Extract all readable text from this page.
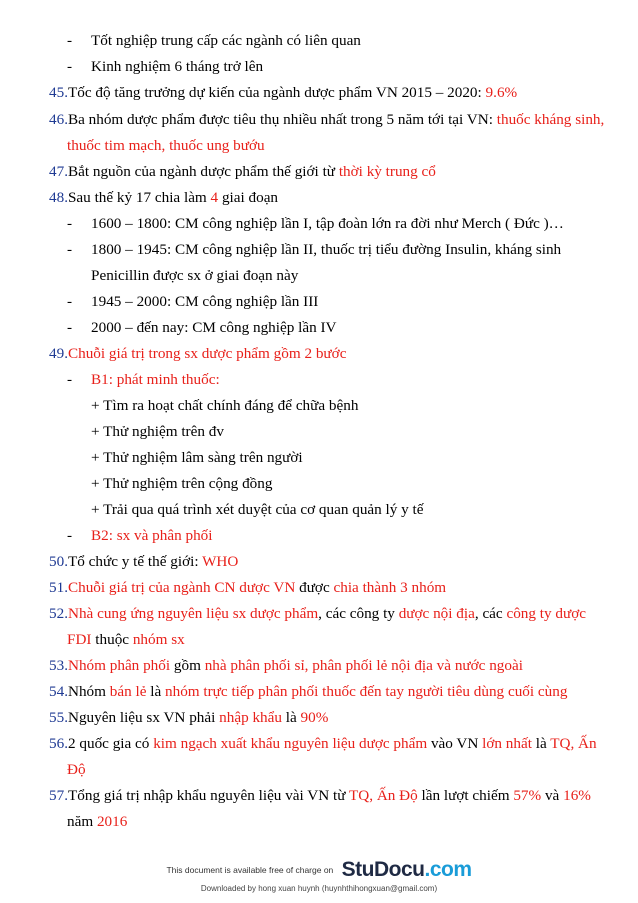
- Tốt nghiệp trung cấp các ngành có liên quan
- Kinh nghiệm 6 tháng trở lên
45.Tốc độ tăng trưởng dự kiến của ngành dược phẩm VN 2015 – 2020: 9.6%
46.Ba nhóm dược phẩm được tiêu thụ nhiều nhất trong 5 năm tới tại VN: thuốc kháng sinh,
thuốc tim mạch, thuốc ung bướu
47.Bắt nguồn của ngành dược phẩm thế giới từ thời kỳ trung cổ
48.Sau thế kỷ 17 chia làm 4 giai đoạn
- 1600 – 1800: CM công nghiệp lần I, tập đoàn lớn ra đời như Merch ( Đức )…
- 1800 – 1945: CM công nghiệp lần II, thuốc trị tiểu đường Insulin, kháng sinh
Penicillin được sx ở giai đoạn này
- 1945 – 2000: CM công nghiệp lần III
- 2000 – đến nay: CM công nghiệp lần IV
49.Chuỗi giá trị trong sx dược phẩm gồm 2 bước
- B1: phát minh thuốc:
+ Tìm ra hoạt chất chính đáng để chữa bệnh
+ Thử nghiệm trên đv
+ Thử nghiệm lâm sàng trên người
+ Thử nghiệm trên cộng đồng
+ Trải qua quá trình xét duyệt của cơ quan quản lý y tế
- B2: sx và phân phối
50.Tổ chức y tế thế giới: WHO
51.Chuỗi giá trị của ngành CN dược VN được chia thành 3 nhóm
52.Nhà cung ứng nguyên liệu sx dược phẩm, các công ty dược nội địa, các công ty dược
FDI thuộc nhóm sx
53.Nhóm phân phối gồm nhà phân phối sỉ, phân phối lẻ nội địa và nước ngoài
54.Nhóm bán lẻ là nhóm trực tiếp phân phối thuốc đến tay người tiêu dùng cuối cùng
55.Nguyên liệu sx VN phải nhập khẩu là 90%
56.2 quốc gia có kim ngạch xuất khẩu nguyên liệu dược phẩm vào VN lớn nhất là TQ, Ấn
Độ
57.Tổng giá trị nhập khẩu nguyên liệu vài VN từ TQ, Ấn Độ lần lượt chiếm 57% và 16%
năm 2016
This document is available free of charge on StuDocu.com
Downloaded by hong xuan huynh (huynhthihongxuan@gmail.com)
